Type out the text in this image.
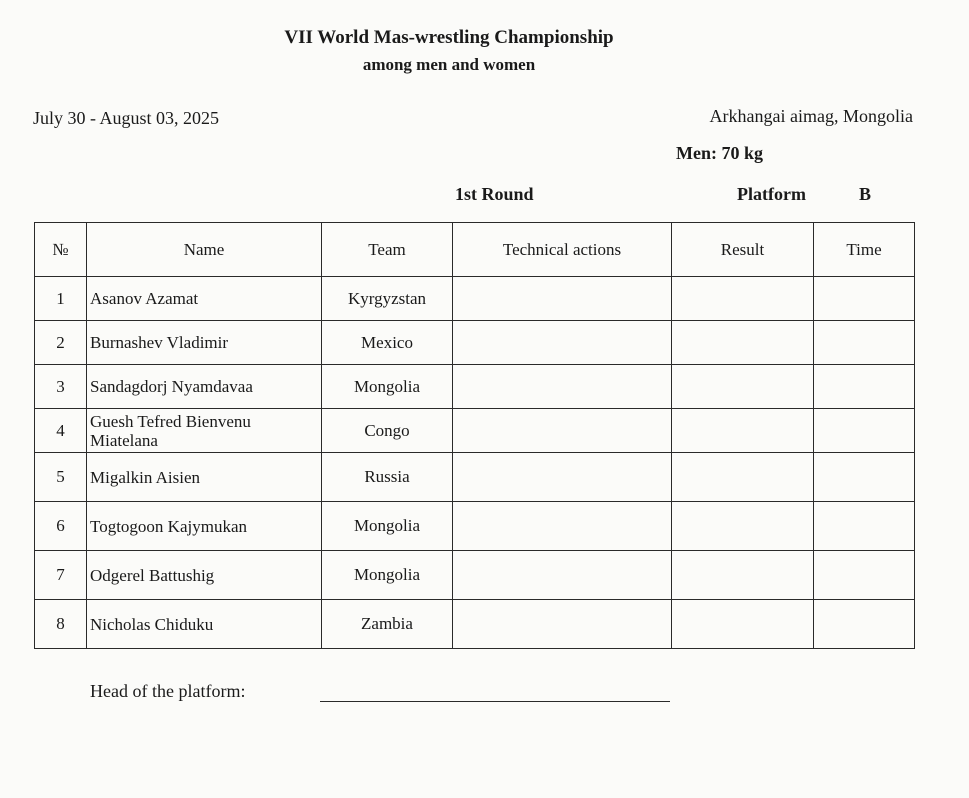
VII World Mas-wrestling Championship
among men and women
July 30 - August 03, 2025	Arkhangai aimag, Mongolia
Men: 70 kg
1st Round	Platform	B
№	Name	Team	Technical actions	Result	Time
1	Asanov Azamat	Kyrgyzstan			
2	Burnashev Vladimir	Mexico			
3	Sandagdorj Nyamdavaa	Mongolia			
4	Guesh Tefred Bienvenu Miatelana	Congo			
5	Migalkin Aisien	Russia			
6	Togtogoon Kajymukan	Mongolia			
7	Odgerel Battushig	Mongolia			
8	Nicholas Chiduku	Zambia			
Head of the platform:
